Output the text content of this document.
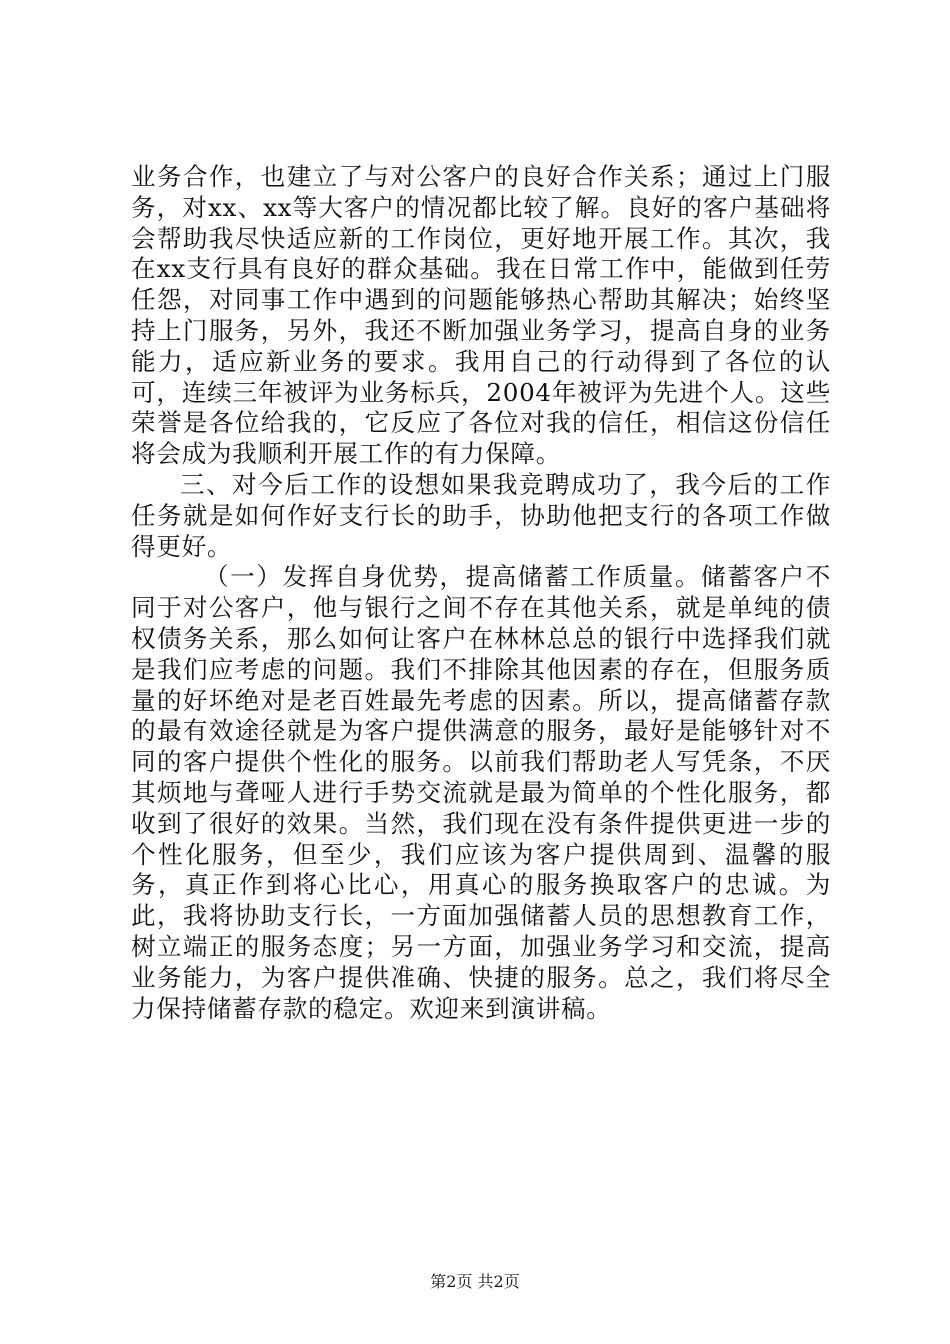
业务合作，也建立了与对公客户的良好合作关系；通过上门服务，对xx、xx等大客户的情况都比较了解。良好的客户基础将会帮助我尽快适应新的工作岗位，更好地开展工作。其次，我在xx支行具有良好的群众基础。我在日常工作中，能做到任劳任怨，对同事工作中遇到的问题能够热心帮助其解决；始终坚持上门服务，另外，我还不断加强业务学习，提高自身的业务能力，适应新业务的要求。我用自己的行动得到了各位的认可，连续三年被评为业务标兵，2004年被评为先进个人。这些荣誉是各位给我的，它反应了各位对我的信任，相信这份信任将会成为我顺利开展工作的有力保障。

三、对今后工作的设想如果我竞聘成功了，我今后的工作任务就是如何作好支行长的助手，协助他把支行的各项工作做得更好。

（一）发挥自身优势，提高储蓄工作质量。储蓄客户不同于对公客户，他与银行之间不存在其他关系，就是单纯的债权债务关系，那么如何让客户在林林总总的银行中选择我们就是我们应考虑的问题。我们不排除其他因素的存在，但服务质量的好坏绝对是老百姓最先考虑的因素。所以，提高储蓄存款的最有效途径就是为客户提供满意的服务，最好是能够针对不同的客户提供个性化的服务。以前我们帮助老人写凭条，不厌其烦地与聋哑人进行手势交流就是最为简单的个性化服务，都收到了很好的效果。当然，我们现在没有条件提供更进一步的个性化服务，但至少，我们应该为客户提供周到、温馨的服务，真正作到将心比心，用真心的服务换取客户的忠诚。为此，我将协助支行长，一方面加强储蓄人员的思想教育工作，树立端正的服务态度；另一方面，加强业务学习和交流，提高业务能力，为客户提供准确、快捷的服务。总之，我们将尽全力保持储蓄存款的稳定。欢迎来到演讲稿。

第2页 共2页
